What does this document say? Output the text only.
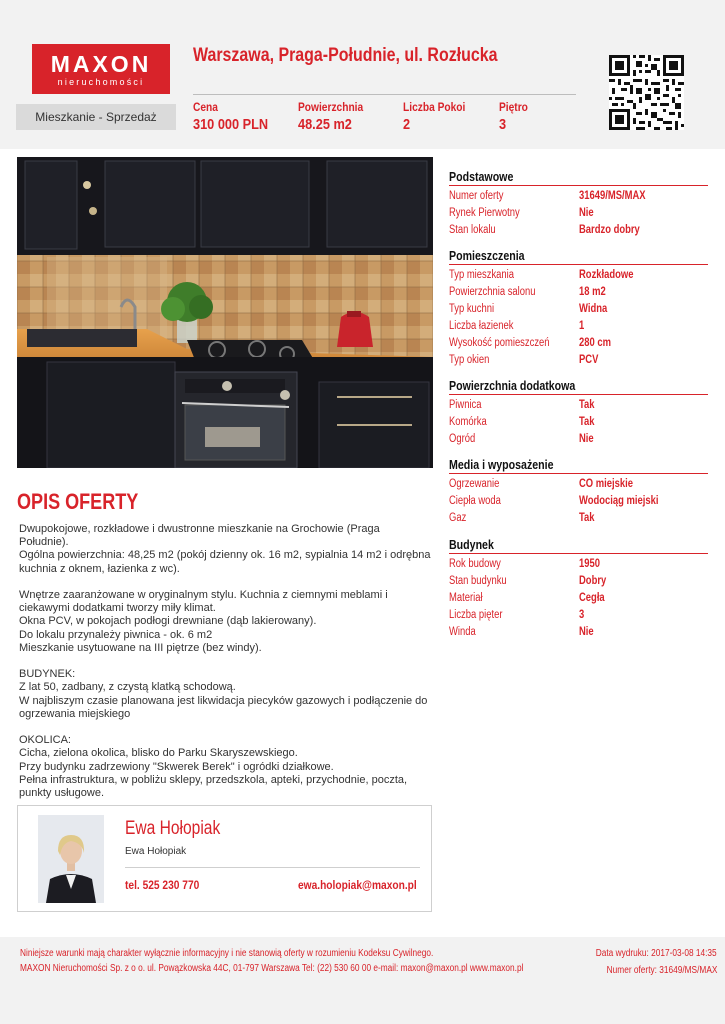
MAXON
nieruchomości
Warszawa, Praga-Południe, ul. Rozłucka
Mieszkanie - Sprzedaż
Cena
310 000 PLN
Powierzchnia
48.25 m2
Liczba Pokoi
2
Piętro
3
OPIS OFERTY
Dwupokojowe, rozkładowe i dwustronne mieszkanie na Grochowie (Praga Południe).
Ogólna powierzchnia: 48,25 m2 (pokój dzienny ok. 16 m2, sypialnia 14 m2 i odrębna kuchnia z oknem, łazienka z wc).

Wnętrze zaaranżowane w oryginalnym stylu. Kuchnia z ciemnymi meblami i ciekawymi dodatkami tworzy miły klimat.
Okna PCV, w pokojach podłogi drewniane (dąb lakierowany).
Do lokalu przynależy piwnica - ok. 6 m2
Mieszkanie usytuowane na III piętrze (bez windy).

BUDYNEK:
Z lat 50, zadbany, z czystą klatką schodową.
W najbliszym czasie planowana jest likwidacja piecyków gazowych i podłączenie do ogrzewania miejskiego

OKOLICA:
Cicha, zielona okolica, blisko do Parku Skaryszewskiego.
Przy budynku zadrzewiony "Skwerek Berek" i ogródki działkowe.
Pełna infrastruktura, w pobliżu sklepy, przedszkola, apteki, przychodnie, poczta, punkty usługowe.
Ewa Hołopiak
Ewa Hołopiak
tel. 525 230 770	ewa.holopiak@maxon.pl
Podstawowe
Numer oferty	31649/MS/MAX
Rynek Pierwotny	Nie
Stan lokalu	Bardzo dobry
Pomieszczenia
Typ mieszkania	Rozkładowe
Powierzchnia salonu	18 m2
Typ kuchni	Widna
Liczba łazienek	1
Wysokość pomieszczeń	280 cm
Typ okien	PCV
Powierzchnia dodatkowa
Piwnica	Tak
Komórka	Tak
Ogród	Nie
Media i wyposażenie
Ogrzewanie	CO miejskie
Ciepła woda	Wodociąg miejski
Gaz	Tak
Budynek
Rok budowy	1950
Stan budynku	Dobry
Materiał	Cegła
Liczba pięter	3
Winda	Nie
Niniejsze warunki mają charakter wyłącznie informacyjny i nie stanowią oferty w rozumieniu Kodeksu Cywilnego.
MAXON Nieruchomości Sp. z o o. ul. Powązkowska 44C, 01-797 Warszawa Tel: (22) 530 60 00 e-mail: maxon@maxon.pl www.maxon.pl
Data wydruku: 2017-03-08 14:35
Numer oferty: 31649/MS/MAX
